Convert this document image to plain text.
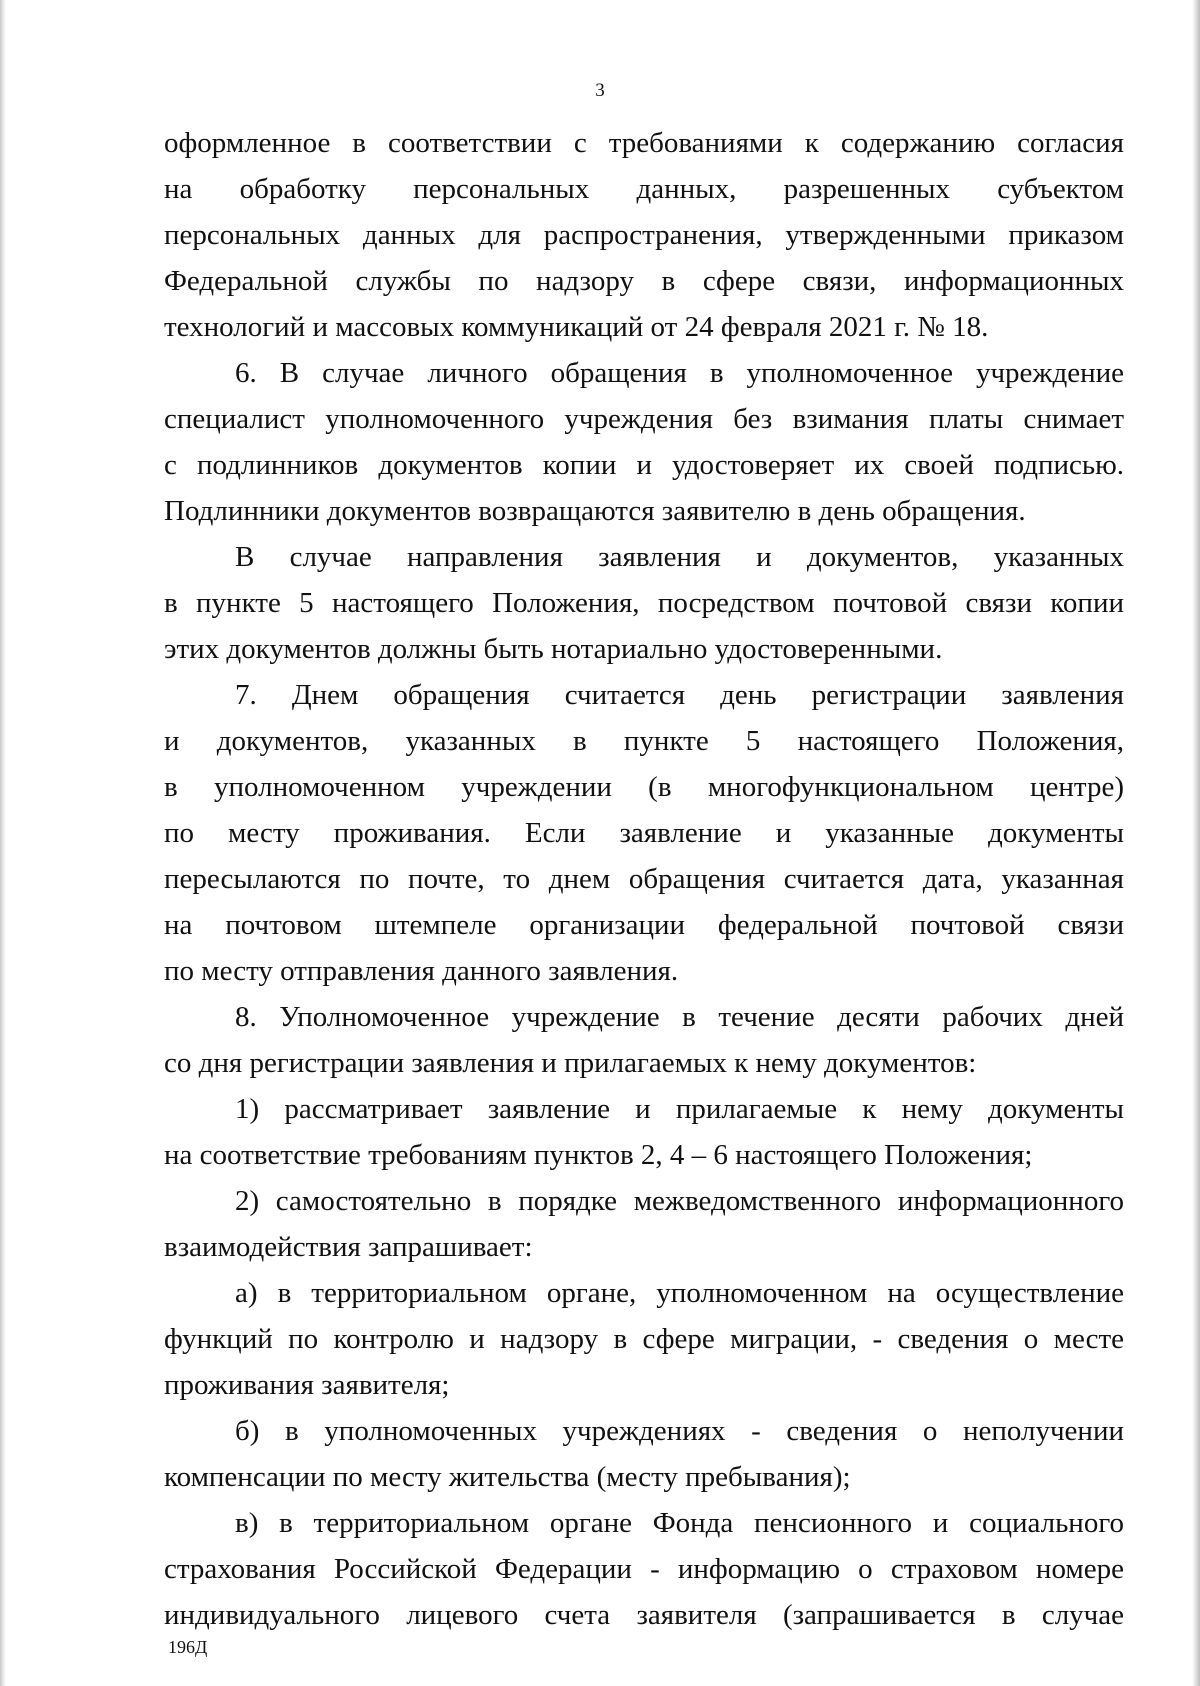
3
оформленное в соответствии с требованиями к содержанию согласия
на обработку персональных данных, разрешенных субъектом
персональных данных для распространения, утвержденными приказом
Федеральной службы по надзору в сфере связи, информационных
технологий и массовых коммуникаций от 24 февраля 2021 г. № 18.
6. В случае личного обращения в уполномоченное учреждение
специалист уполномоченного учреждения без взимания платы снимает
с подлинников документов копии и удостоверяет их своей подписью.
Подлинники документов возвращаются заявителю в день обращения.
В случае направления заявления и документов, указанных
в пункте 5 настоящего Положения, посредством почтовой связи копии
этих документов должны быть нотариально удостоверенными.
7. Днем обращения считается день регистрации заявления
и документов, указанных в пункте 5 настоящего Положения,
в уполномоченном учреждении (в многофункциональном центре)
по месту проживания. Если заявление и указанные документы
пересылаются по почте, то днем обращения считается дата, указанная
на почтовом штемпеле организации федеральной почтовой связи
по месту отправления данного заявления.
8. Уполномоченное учреждение в течение десяти рабочих дней
со дня регистрации заявления и прилагаемых к нему документов:
1) рассматривает заявление и прилагаемые к нему документы
на соответствие требованиям пунктов 2, 4 – 6 настоящего Положения;
2) самостоятельно в порядке межведомственного информационного
взаимодействия запрашивает:
а) в территориальном органе, уполномоченном на осуществление
функций по контролю и надзору в сфере миграции, - сведения о месте
проживания заявителя;
б) в уполномоченных учреждениях - сведения о неполучении
компенсации по месту жительства (месту пребывания);
в) в территориальном органе Фонда пенсионного и социального
страхования Российской Федерации - информацию о страховом номере
индивидуального лицевого счета заявителя (запрашивается в случае
196Д
